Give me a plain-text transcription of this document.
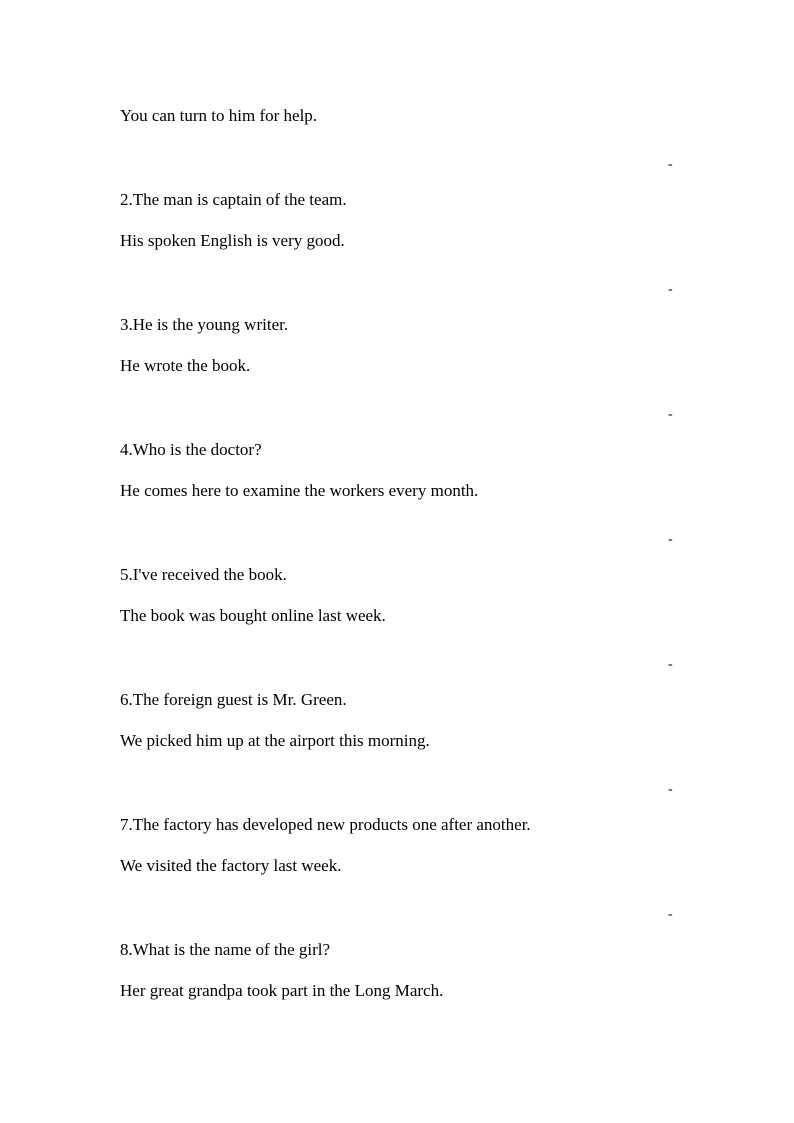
You can turn to him for help.
-
2.The man is captain of the team.
His spoken English is very good.
-
3.He is the young writer.
He wrote the book.
-
4.Who is the doctor?
He comes here to examine the workers every month.
-
5.I've received the book.
The book was bought online last week.
-
6.The foreign guest is Mr. Green.
We picked him up at the airport this morning.
-
7.The factory has developed new products one after another.
We visited the factory last week.
-
8.What is the name of the girl?
Her great grandpa took part in the Long March.
